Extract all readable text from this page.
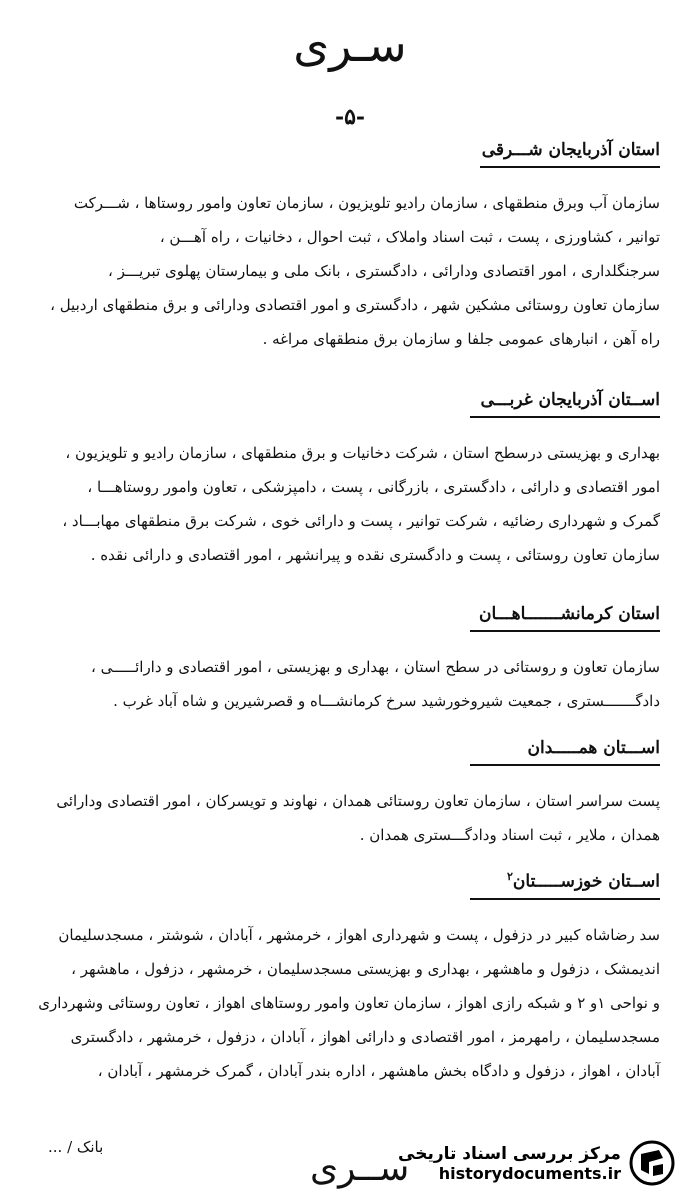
سـری
-۵-
استان آذربایجان شـــرقی

سازمان آب وبرق منطقهای ، سازمان رادیو تلویزیون ، سازمان تعاون وامور روستاها ، شـــرکت

توانیر ، کشاورزی ، پست ، ثبت اسناد واملاک ، ثبت احوال ، دخانیات ، راه آهـــن ،

سرجنگلداری ، امور اقتصادی ودارائی ، دادگستری ، بانک ملی و بیمارستان پهلوی تبریـــز ،

سازمان تعاون روستائی مشکین شهر ، دادگستری و امور اقتصادی ودارائی و برق منطقهای اردبیل ،

راه آهن ، انبارهای عمومی جلفا و سازمان برق منطقهای مراغه .

اســتان آذربایجان غربـــی

بهداری و بهزیستی درسطح استان ، شرکت دخانیات و برق منطقهای ، سازمان رادیو و تلویزیون ،

امور اقتصادی و دارائی ، دادگستری ، بازرگانی ، پست ، دامپزشکی ، تعاون وامور روستاهـــا ،

گمرک و شهرداری رضائیه ، شرکت توانیر ، پست و دارائی خوی ، شرکت برق منطقهای مهابـــاد ،

سازمان تعاون روستائی ، پست و دادگستری نقده و پیرانشهر ، امور اقتصادی و دارائی نقده .

استان کرمانشـــــــاهـــان

سازمان تعاون و روستائی در سطح استان ، بهداری و بهزیستی ، امور اقتصادی و دارائـــــی ،

دادگـــــــستری ، جمعیت شیروخورشید سرخ کرمانشـــاه و قصرشیرین و شاه آباد غرب .

اســـتان همـــــدان

پست سراسر استان ، سازمان تعاون روستائی همدان ، نهاوند و تویسرکان ، امور اقتصادی ودارائی

همدان ، ملایر ، ثبت اسناد ودادگـــستری همدان .

اســتان خوزســـــتان$^۲$

سد رضاشاه کبیر در دزفول ، پست و شهرداری اهواز ، خرمشهر ، آبادان ، شوشتر ، مسجدسلیمان

اندیمشک ، دزفول و ماهشهر ، بهداری و بهزیستی مسجدسلیمان ، خرمشهر ، دزفول ، ماهشهر ،

و نواحی ۱و ۲ و شبکه رازی اهواز ، سازمان تعاون وامور روستاهای اهواز ، تعاون روستائی وشهرداری

مسجدسلیمان ، رامهرمز ، امور اقتصادی و دارائی اهواز ، آبادان ، دزفول ، خرمشهر ، دادگستری

آبادان ، اهواز ، دزفول و دادگاه بخش ماهشهر ، اداره بندر آبادان ، گمرک خرمشهر ، آبادان ،

بانک / ...
ســری
مرکز بررسی اسناد تاریخی
historydocuments.ir
